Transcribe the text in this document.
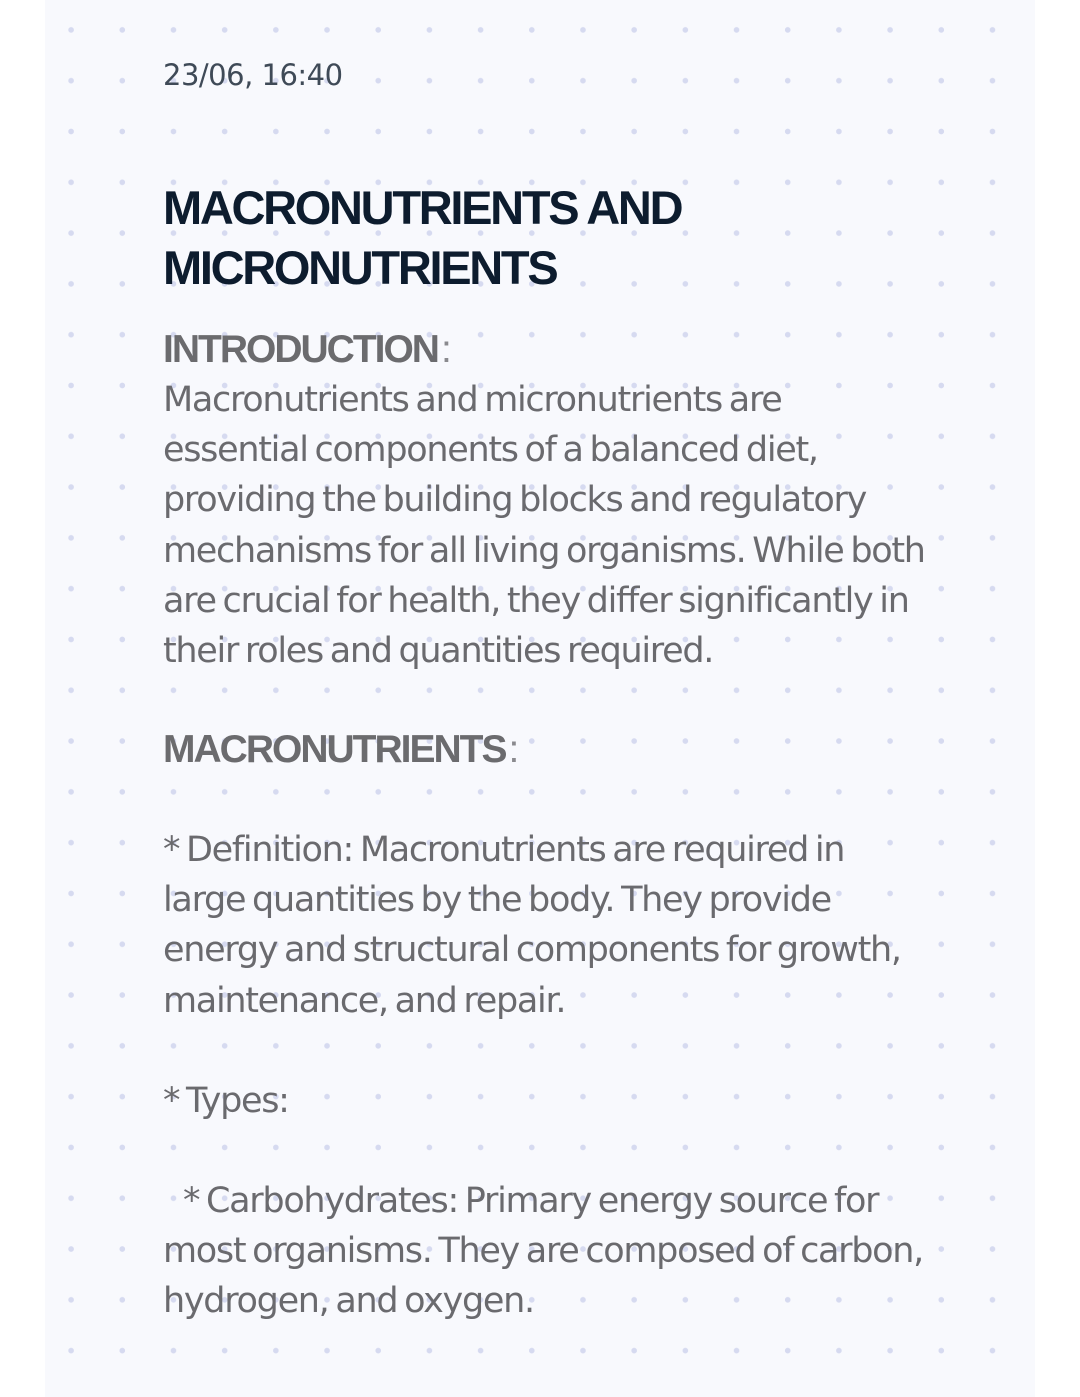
23/06, 16:40
MACRONUTRIENTS AND
MICRONUTRIENTS
INTRODUCTION:
Macronutrients and micronutrients are
essential components of a balanced diet,
providing the building blocks and regulatory
mechanisms for all living organisms. While both
are crucial for health, they differ significantly in
their roles and quantities required.
MACRONUTRIENTS:
* Definition: Macronutrients are required in
large quantities by the body. They provide
energy and structural components for growth,
maintenance, and repair.
* Types:
* Carbohydrates: Primary energy source for
most organisms. They are composed of carbon,
hydrogen, and oxygen.
